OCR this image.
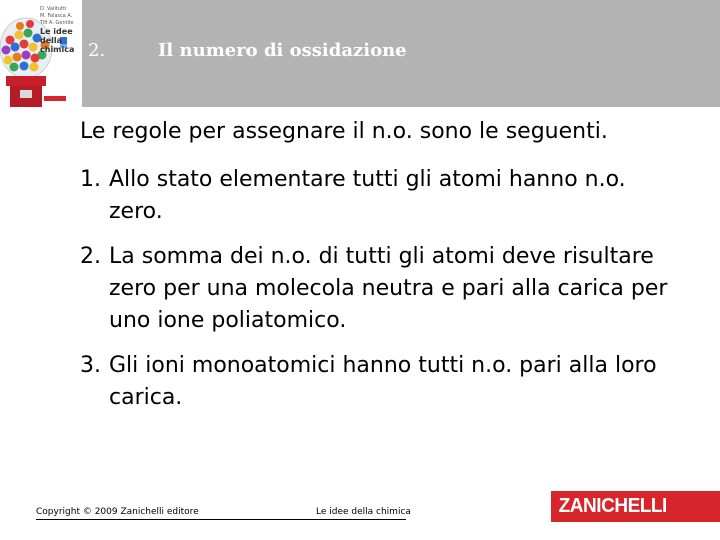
D. Valitutti
M. Falasca A. Tifi A. Gentile
Le idee della
chimica 2.	Il numero di ossidazione
Le regole per assegnare il n.o. sono le seguenti.
1. Allo stato elementare tutti gli atomi hanno n.o. zero.
2. La somma dei n.o. di tutti gli atomi deve risultare zero per una molecola neutra e pari alla carica per uno ione poliatomico.
3. Gli ioni monoatomici hanno tutti n.o. pari alla loro carica.
Copyright © 2009 Zanichelli editore	Le idee della chimica	ZANICHELLI
